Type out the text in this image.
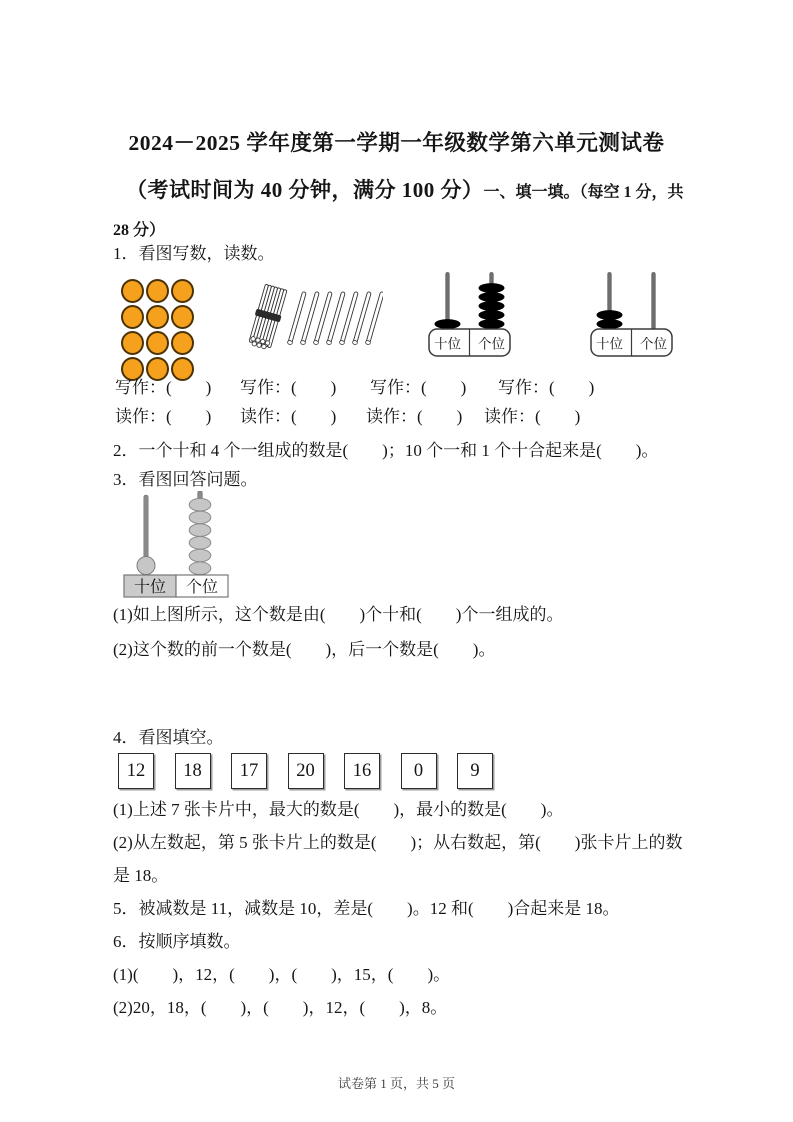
2024－2025 学年度第一学期一年级数学第六单元测试卷
（考试时间为 40 分钟，满分 100 分）一、填一填。（每空 1 分，共
28 分）
1．看图写数，读数。
十位 个位	十位 个位
写作：(　　) 写作：(　　) 写作：(　　) 写作：(　　)
读作：(　　) 读作：(　　) 读作：(　　) 读作：(　　)
2．一个十和 4 个一组成的数是(　　)；10 个一和 1 个十合起来是(　　)。
3．看图回答问题。
十位 个位
(1)如上图所示，这个数是由(　　)个十和(　　)个一组成的。
(2)这个数的前一个数是(　　)，后一个数是(　　)。
4．看图填空。
12	18	17	20	16	0	9
(1)上述 7 张卡片中，最大的数是(　　)，最小的数是(　　)。
(2)从左数起，第 5 张卡片上的数是(　　)；从右数起，第(　　)张卡片上的数
是 18。
5．被减数是 11，减数是 10，差是(　　)。12 和(　　)合起来是 18。
6．按顺序填数。
(1)(　　)，12，(　　)，(　　)，15，(　　)。
(2)20，18，(　　)，(　　)，12，(　　)，8。
试卷第 1 页，共 5 页
